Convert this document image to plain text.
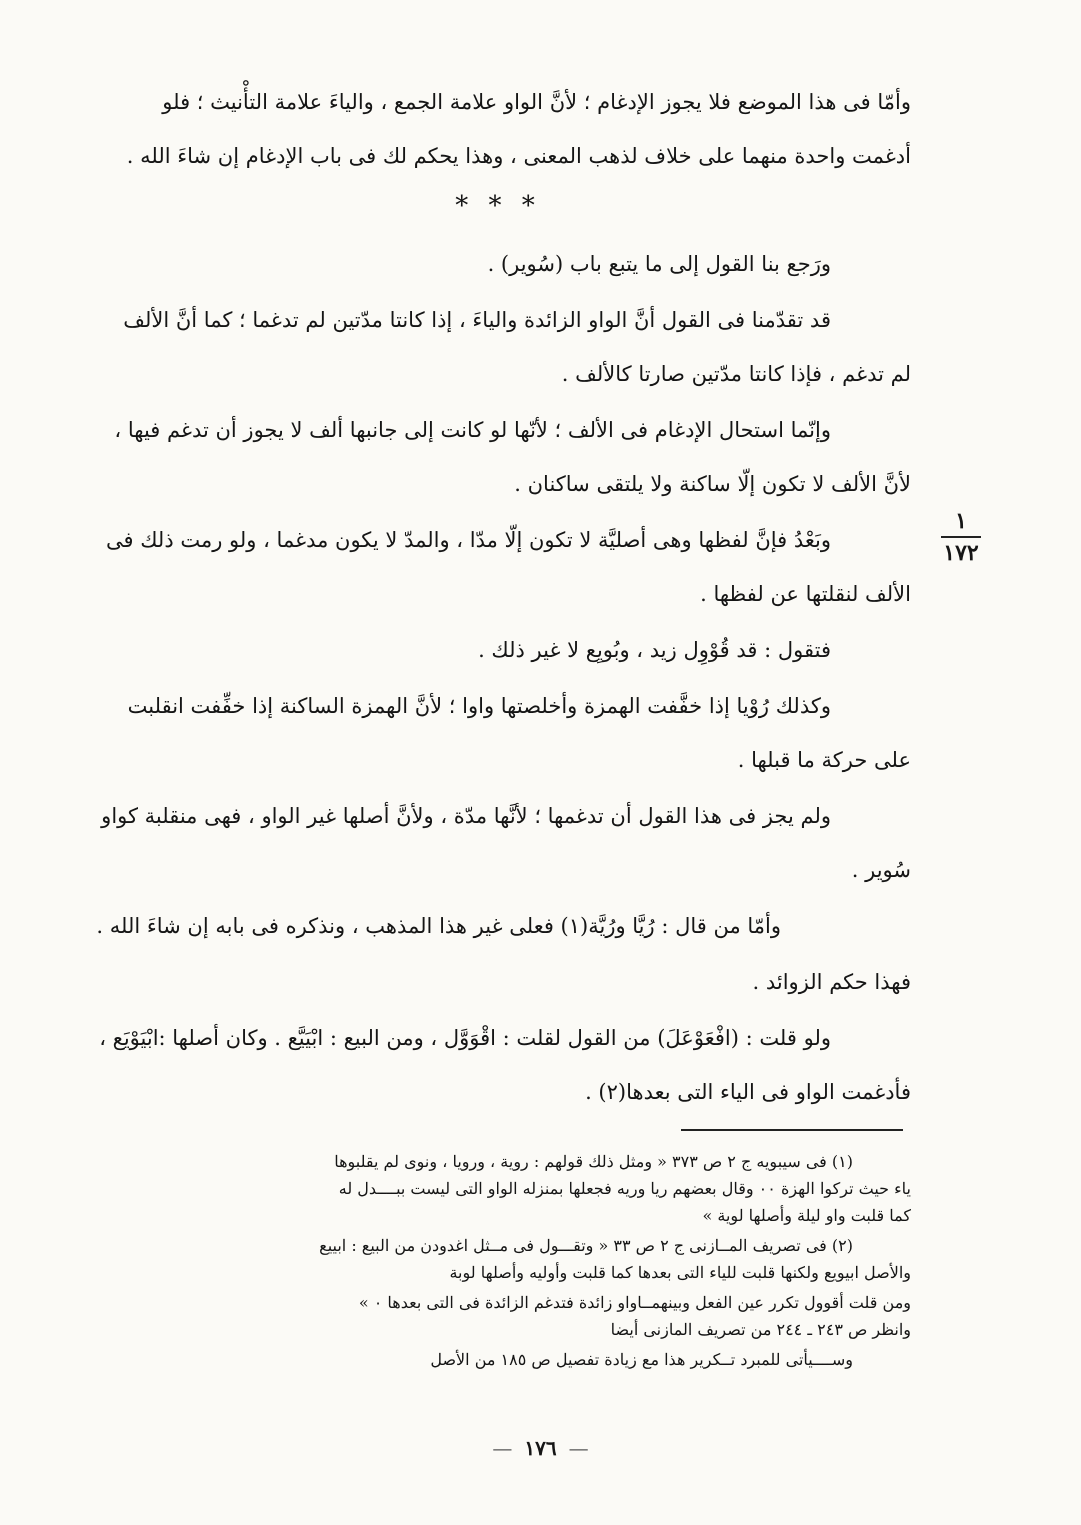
وأمّا فى هذا الموضع فلا يجوز الإدغام ؛ لأنَّ الواو علامة الجمع ، والياءَ علامة التأْنيث ؛ فلو
أدغمت واحدة منهما على خلاف لذهب المعنى ، وهذا يحكم لك فى باب الإدغام إن شاءَ الله .
* * *
ورَجع بنا القول إلى ما يتبع باب (سُوير) .
قد تقدّمنا فى القول أنَّ الواو الزائدة والياءَ ، إذا كانتا مدّتين لم تدغما ؛ كما أنَّ الألف
لم تدغم ، فإذا كانتا مدّتين صارتا كالألف .
وإنّما استحال الإدغام فى الألف ؛ لأنّها لو كانت إلى جانبها ألف لا يجوز أن تدغم فيها ،
لأنَّ الألف لا تكون إلّا ساكنة ولا يلتقى ساكنان .
وبَعْدُ فإنَّ لفظها وهى أصليَّة لا تكون إلّا مدّا ، والمدّ لا يكون مدغما ، ولو رمت ذلك فى
الألف لنقلتها عن لفظها .
فتقول : قد قُوْوِل زيد ، وبُويِع لا غير ذلك .
وكذلك رُوْيا إذا خفَّفت الهمزة وأخلصتها واوا ؛ لأنَّ الهمزة الساكنة إذا خفِّفت انقلبت
على حركة ما قبلها .
ولم يجز فى هذا القول أن تدغمها ؛ لأنَّها مدّة ، ولأنَّ أصلها غير الواو ، فهى منقلبة كواو
سُوير .
وأمّا من قال : رُيَّا ورُيَّة(١) فعلى غير هذا المذهب ، ونذكره فى بابه إن شاءَ الله .
فهذا حكم الزوائد .
ولو قلت : (افْعَوْعَلَ) من القول لقلت : اقْوَوَّل ، ومن البيع : ابْيَيَّع . وكان أصلها :ابْيَوْيَع ،
فأدغمت الواو فى الياء التى بعدها(٢) .
١
١٧٢
(١) فى سيبويه ج ٢ ص ٣٧٣ « ومثل ذلك قولهم : روية ، ورويا ، ونوى لم يقلبوها
ياء حيث تركوا الهزة ٠٠ وقال بعضهم ريا وريه فجعلها بمنزله الواو التى ليست ببــــدل له
كما قلبت واو ليلة وأصلها لوية »
(٢) فى تصريف المــازنى ج ٢ ص ٣٣ « وتقـــول فى مــثل اغدودن من البيع : ابييع
والأصل ابيويع ولكنها قلبت للياء التى بعدها كما قلبت وأوليه وأصلها لوبة
ومن قلت أقوول تكرر عين الفعل وبينهمــاواو زائدة فتدغم الزائدة فى التى بعدها ٠ »
وانظر ص ٢٤٣ ـ ٢٤٤ من تصريف المازنى أيضا
وســــيأتى للمبرد تــكرير هذا مع زيادة تفصيل ص ١٨٥ من الأصل
— ١٧٦ —
